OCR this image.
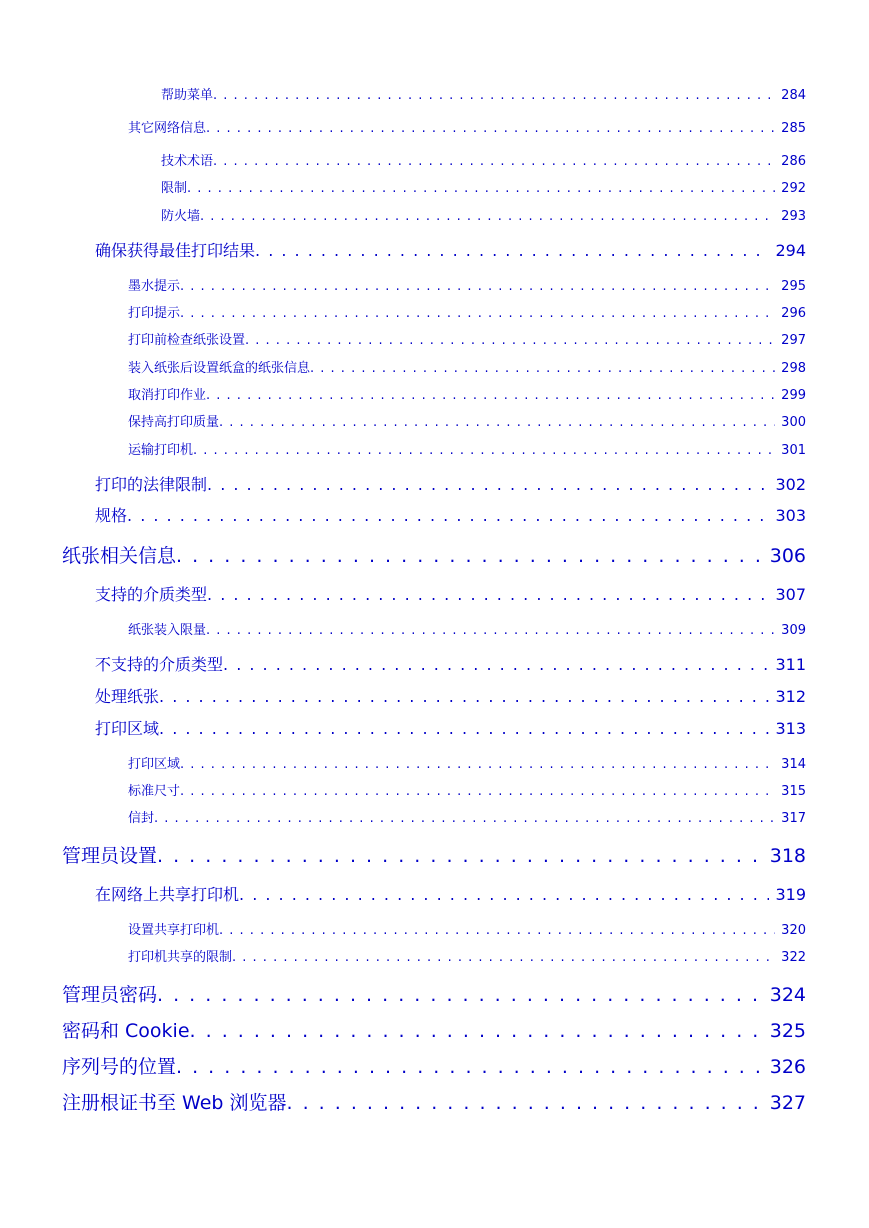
帮助菜单 . . .	284
其它网络信息 . . .	285
技术术语 . . .	286
限制 . . .	292
防火墙 . . .	293
确保获得最佳打印结果 . . .	294
墨水提示 . . .	295
打印提示 . . .	296
打印前检查纸张设置 . . .	297
装入纸张后设置纸盒的纸张信息 . . .	298
取消打印作业 . . .	299
保持高打印质量 . . .	300
运输打印机 . . .	301
打印的法律限制 . . .	302
规格 . . .	303
纸张相关信息 . . .	306
支持的介质类型 . . .	307
纸张装入限量 . . .	309
不支持的介质类型 . . .	311
处理纸张 . . .	312
打印区域 . . .	313
打印区域 . . .	314
标准尺寸 . . .	315
信封 . . .	317
管理员设置 . . .	318
在网络上共享打印机 . . .	319
设置共享打印机 . . .	320
打印机共享的限制 . . .	322
管理员密码 . . .	324
密码和 Cookie . . .	325
序列号的位置 . . .	326
注册根证书至 Web 浏览器 . . .	327
